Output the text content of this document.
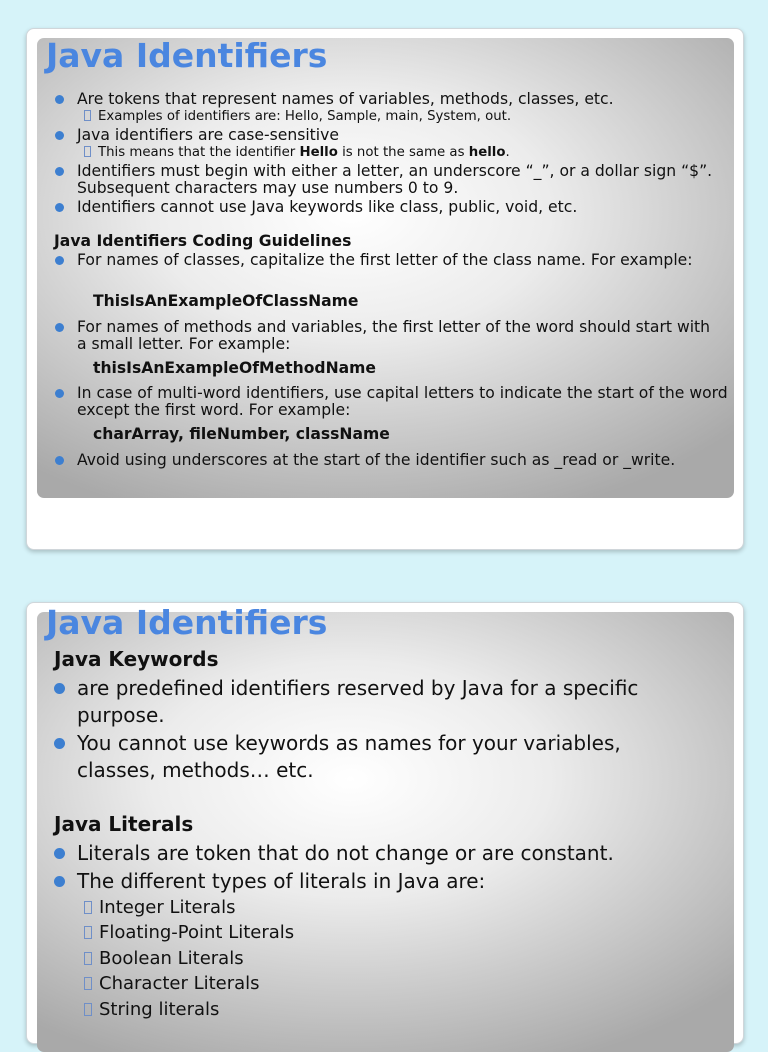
Java Identifiers
Are tokens that represent names of variables, methods, classes, etc.
Examples of identifiers are: Hello, Sample, main, System, out.
Java identifiers are case-sensitive
This means that the identifier Hello is not the same as hello.
Identifiers must begin with either a letter, an underscore “_”, or a dollar sign “$”. Subsequent characters may use numbers 0 to 9.
Identifiers cannot use Java keywords like class, public, void, etc.
Java Identifiers Coding Guidelines
For names of classes, capitalize the first letter of the class name. For example:
ThisIsAnExampleOfClassName
For names of methods and variables, the first letter of the word should start with a small letter. For example:
thisIsAnExampleOfMethodName
In case of multi-word identifiers, use capital letters to indicate the start of the word except the first word. For example:
charArray, fileNumber, className
Avoid using underscores at the start of the identifier such as _read or _write.
Java Identifiers
Java Keywords
are predefined identifiers reserved by Java for a specific purpose.
You cannot use keywords as names for your variables, classes, methods… etc.
Java Literals
Literals are token that do not change or are constant.
The different types of literals in Java are:
Integer Literals
Floating-Point Literals
Boolean Literals
Character Literals
String literals
